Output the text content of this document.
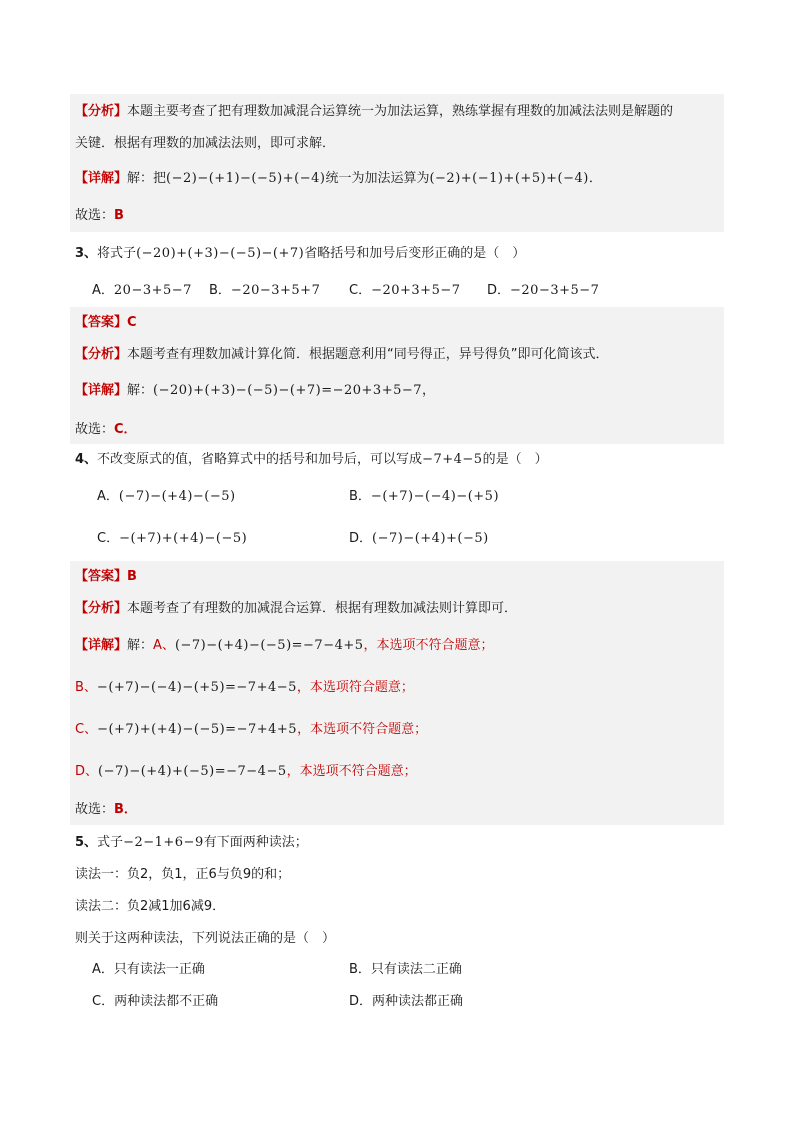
【分析】本题主要考查了把有理数加减混合运算统一为加法运算，熟练掌握有理数的加减法法则是解题的
关键．根据有理数的加减法法则，即可求解．
【详解】解：把(−2)−(+1)−(−5)+(−4)统一为加法运算为(−2)+(−1)+(+5)+(−4)．
故选：B
3、将式子(−20)+(+3)−(−5)−(+7)省略括号和加号后变形正确的是（　）
A．20−3+5−7 B．−20−3+5+7 C．−20+3+5−7 D．−20−3+5−7
【答案】C
【分析】本题考查有理数加减计算化简．根据题意利用“同号得正，异号得负”即可化简该式．
【详解】解：(−20)+(+3)−(−5)−(+7)=−20+3+5−7，
故选：C．
4、不改变原式的值，省略算式中的括号和加号后，可以写成−7+4−5的是（　）
A．(−7)−(+4)−(−5)	B．−(+7)−(−4)−(+5)
C．−(+7)+(+4)−(−5)	D．(−7)−(+4)+(−5)
【答案】B
【分析】本题考查了有理数的加减混合运算．根据有理数加减法则计算即可．
【详解】解：A、(−7)−(+4)−(−5)=−7−4+5，本选项不符合题意；
B、−(+7)−(−4)−(+5)=−7+4−5，本选项符合题意；
C、−(+7)+(+4)−(−5)=−7+4+5，本选项不符合题意；
D、(−7)−(+4)+(−5)=−7−4−5，本选项不符合题意；
故选：B．
5、式子−2−1+6−9有下面两种读法；
读法一：负2，负1，正6与负9的和；
读法二：负2减1加6减9．
则关于这两种读法，下列说法正确的是（　）
A．只有读法一正确	B．只有读法二正确
C．两种读法都不正确	D．两种读法都正确
